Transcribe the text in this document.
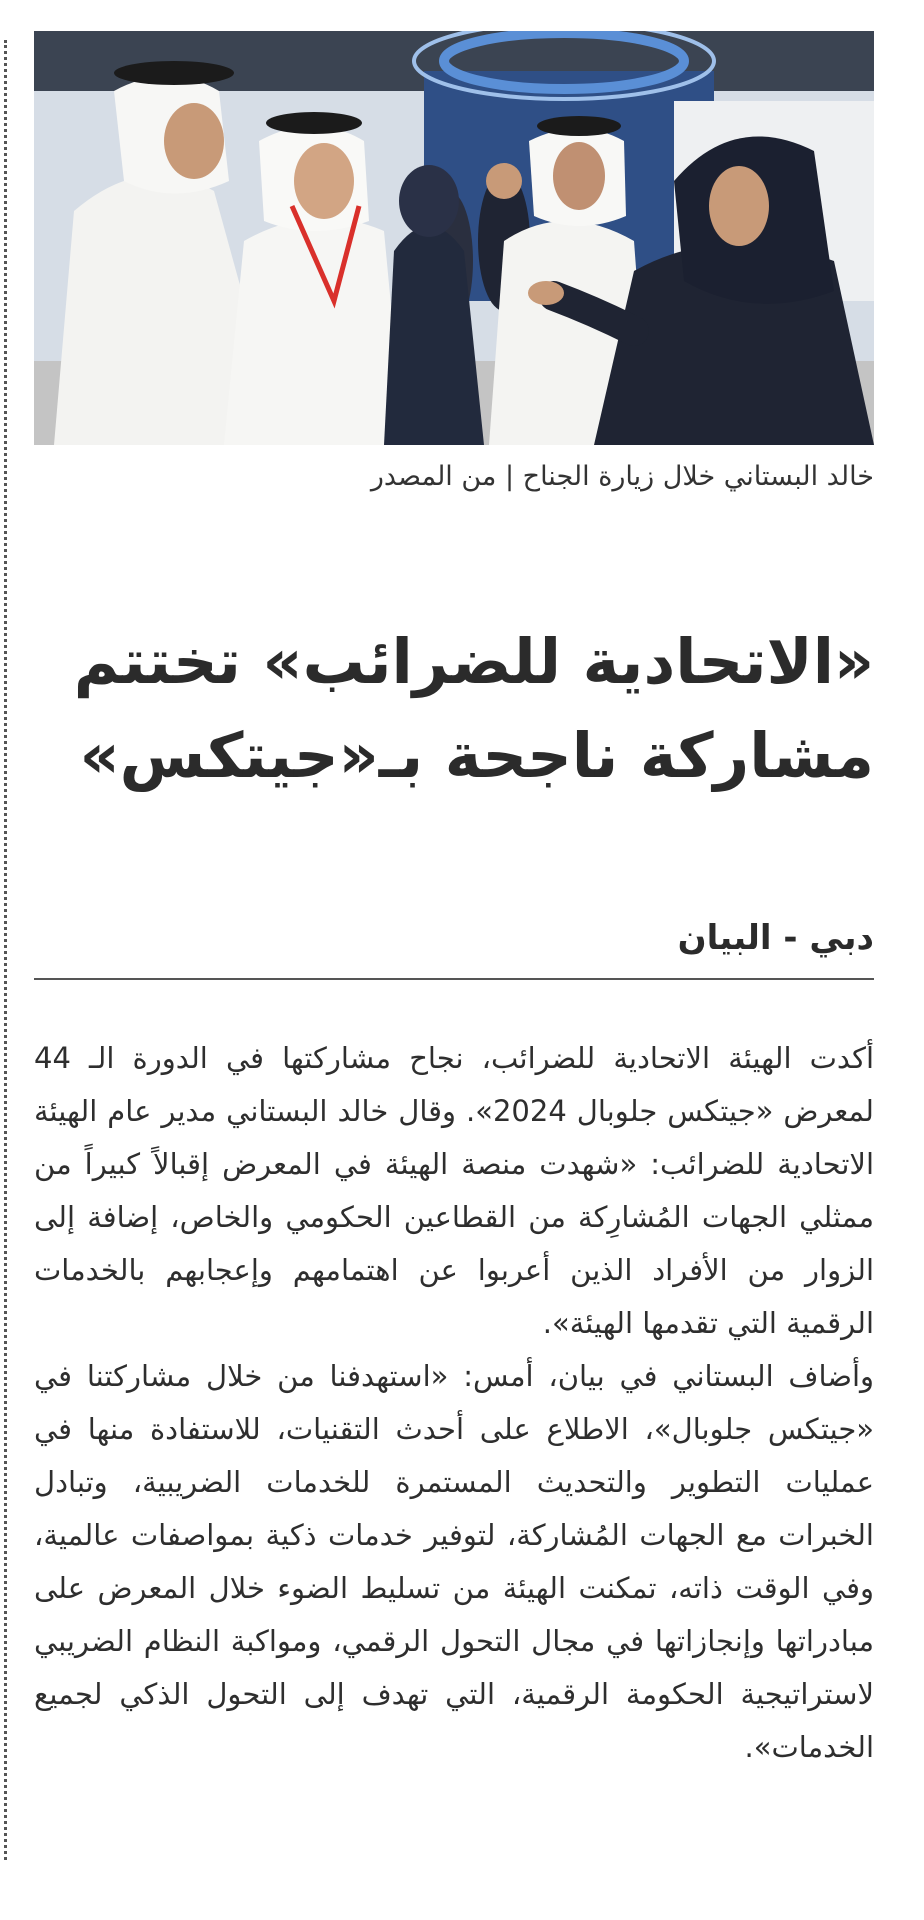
خالد البستاني خلال زيارة الجناح | من المصدر
«الاتحادية للضرائب» تختتم
مشاركة ناجحة بـ«جيتكس»
دبي - البيان

أكدت الهيئة الاتحادية للضرائب، نجاح مشاركتها في الدورة الـ 44 لمعرض «جيتكس جلوبال 2024». وقال خالد البستاني مدير عام الهيئة الاتحادية للضرائب: «شهدت منصة الهيئة في المعرض إقبالاً كبيراً من ممثلي الجهات المُشارِكة من القطاعين الحكومي والخاص، إضافة إلى الزوار من الأفراد الذين أعربوا عن اهتمامهم وإعجابهم بالخدمات الرقمية التي تقدمها الهيئة».

وأضاف البستاني في بيان، أمس: «استهدفنا من خلال مشاركتنا في «جيتكس جلوبال»، الاطلاع على أحدث التقنيات، للاستفادة منها في عمليات التطوير والتحديث المستمرة للخدمات الضريبية، وتبادل الخبرات مع الجهات المُشاركة، لتوفير خدمات ذكية بمواصفات عالمية، وفي الوقت ذاته، تمكنت الهيئة من تسليط الضوء خلال المعرض على مبادراتها وإنجازاتها في مجال التحول الرقمي، ومواكبة النظام الضريبي لاستراتيجية الحكومة الرقمية، التي تهدف إلى التحول الذكي لجميع الخدمات».
